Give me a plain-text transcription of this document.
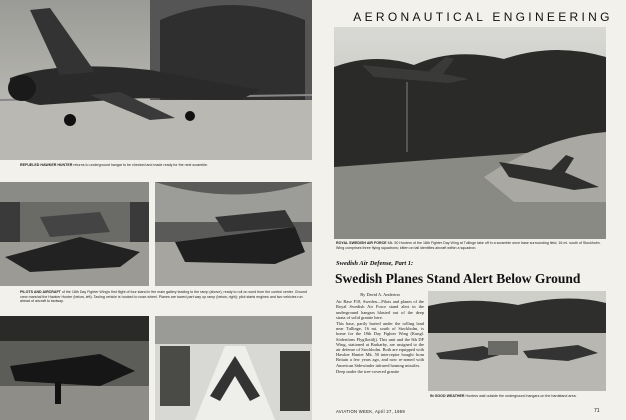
REFUELED HAWKER HUNTER returns to underground hangar to be checked and made ready for the next scramble.
PILOTS AND AIRCRAFT of the 18th Day Fighter Wing's first flight of four stand in the main gallery leading to the ramp (above), ready to roll on word from the control center. Ground crew marshal the Hawker Hunter (below, left). Taxiing vehicle is hooked to nose-wheel. Planes are towed part way up ramp (below, right); pilot starts engines and two vehicles run ahead of aircraft to taxiway.
AERONAUTICAL ENGINEERING
ROYAL SWEDISH AIR FORCE Mk. 50 Hunters of the 18th Fighter Day Wing at Tullinge take off in a scramble once base surrounding field, 16 mi. south of Stockholm. Wing comprises three flying squadrons; kitten on tail identifies aircraft within a squadron.
Swedish Air Defense, Part 1:
Swedish Planes Stand Alert Below Ground

By David A. Anderton

Air Base F18, Sweden—Pilots and planes of the Royal Swedish Air Force stand alert in the underground hangars blasted out of the deep strata of solid granite here.

This base, partly buried under the rolling land near Tullinge, 16 mi. south of Stockholm, is home for the 18th Day Fighter Wing (Kungl. Södertörns Flygflottilj). This unit and the 8th DF Wing, stationed at Barkarby, are assigned to the air defense of Stockholm. Both are equipped with Hawker Hunter Mk. 50 interceptor bought from Britain a few years ago, and now re-armed with American Sidewinder infrared homing missiles.

Deep under the tree-covered granite

IN GOOD WEATHER Hunters wait outside the underground hangars on the hardstand area.
AVIATION WEEK, April 27, 1959	71
